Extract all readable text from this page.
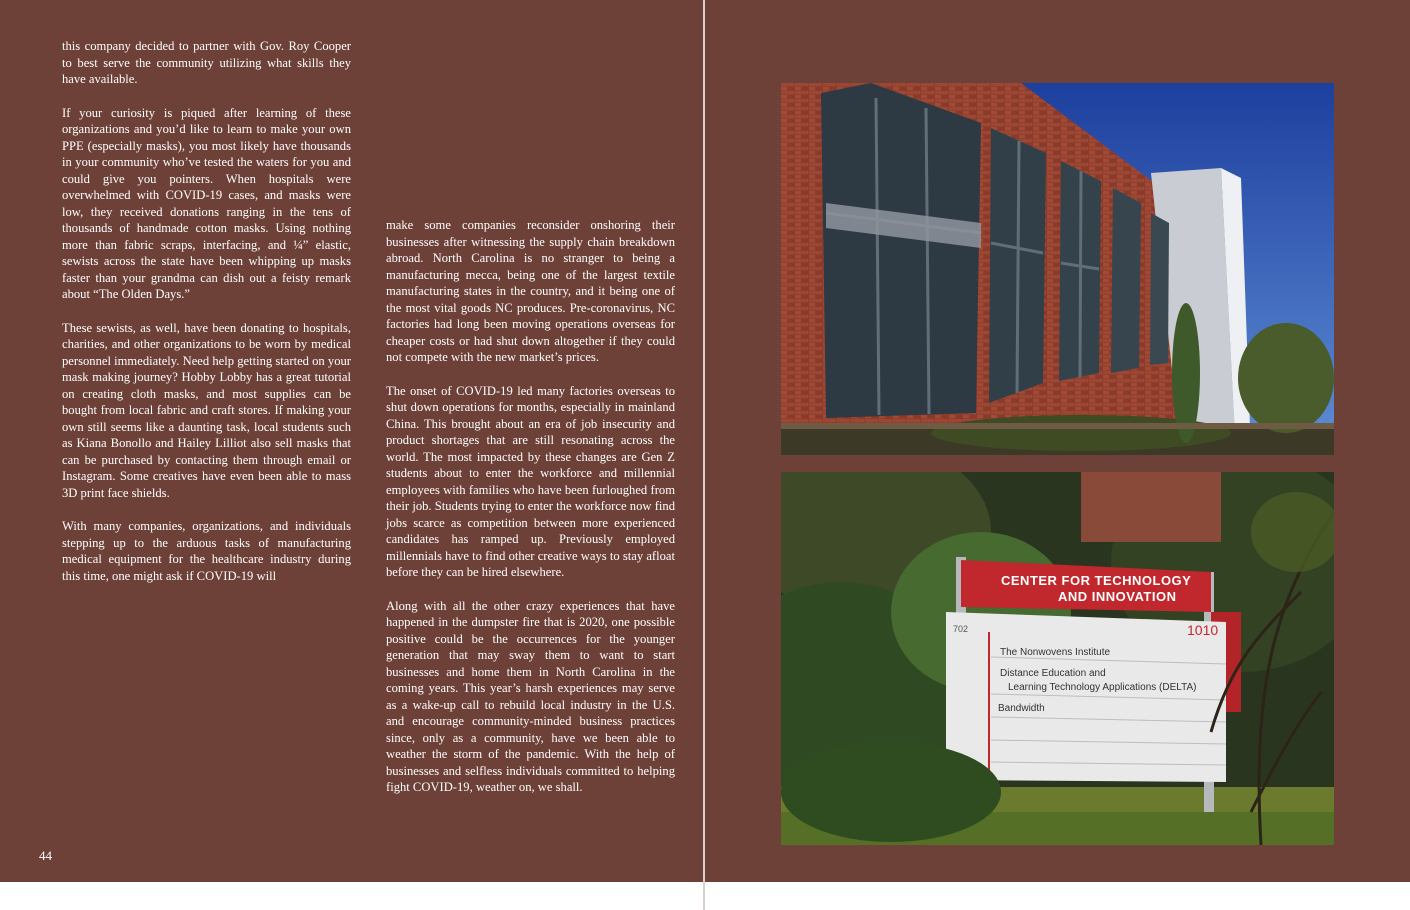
this company decided to partner with Gov. Roy Cooper to best serve the community utilizing what skills they have available.

If your curiosity is piqued after learning of these organizations and you’d like to learn to make your own PPE (especially masks), you most likely have thousands in your community who’ve tested the waters for you and could give you pointers. When hospitals were overwhelmed with COVID-19 cases, and masks were low, they received donations ranging in the tens of thousands of handmade cotton masks. Using nothing more than fabric scraps, interfacing, and ¼” elastic, sewists across the state have been whipping up masks faster than your grandma can dish out a feisty remark about “The Olden Days.”

These sewists, as well, have been donating to hospitals, charities, and other organizations to be worn by medical personnel immediately. Need help getting started on your mask making journey? Hobby Lobby has a great tutorial on creating cloth masks, and most supplies can be bought from local fabric and craft stores. If making your own still seems like a daunting task, local students such as Kiana Bonollo and Hailey Lilliot also sell masks that can be purchased by contacting them through email or Instagram. Some creatives have even been able to mass 3D print face shields.

With many companies, organizations, and individuals stepping up to the arduous tasks of manufacturing medical equipment for the healthcare industry during this time, one might ask if COVID-19 will

make some companies reconsider onshoring their businesses after witnessing the supply chain breakdown abroad. North Carolina is no stranger to being a manufacturing mecca, being one of the largest textile manufacturing states in the country, and it being one of the most vital goods NC produces. Pre-coronavirus, NC factories had long been moving operations overseas for cheaper costs or had shut down altogether if they could not compete with the new market’s prices.

The onset of COVID-19 led many factories overseas to shut down operations for months, especially in mainland China. This brought about an era of job insecurity and product shortages that are still resonating across the world. The most impacted by these changes are Gen Z students about to enter the workforce and millennial employees with families who have been furloughed from their job. Students trying to enter the workforce now find jobs scarce as competition between more experienced candidates has ramped up. Previously employed millennials have to find other creative ways to stay afloat before they can be hired elsewhere.

Along with all the other crazy experiences that have happened in the dumpster fire that is 2020, one possible positive could be the occurrences for the younger generation that may sway them to want to start businesses and home them in North Carolina in the coming years. This year’s harsh experiences may serve as a wake-up call to rebuild local industry in the U.S. and encourage community-minded business practices since, only as a community, have we been able to weather the storm of the pandemic. With the help of businesses and selfless individuals committed to helping fight COVID-19, weather on, we shall.

44
CENTER FOR TECHNOLOGY
AND INNOVATION
1010
702
The Nonwovens Institute
Distance Education and
Learning Technology Applications (DELTA)
Bandwidth
